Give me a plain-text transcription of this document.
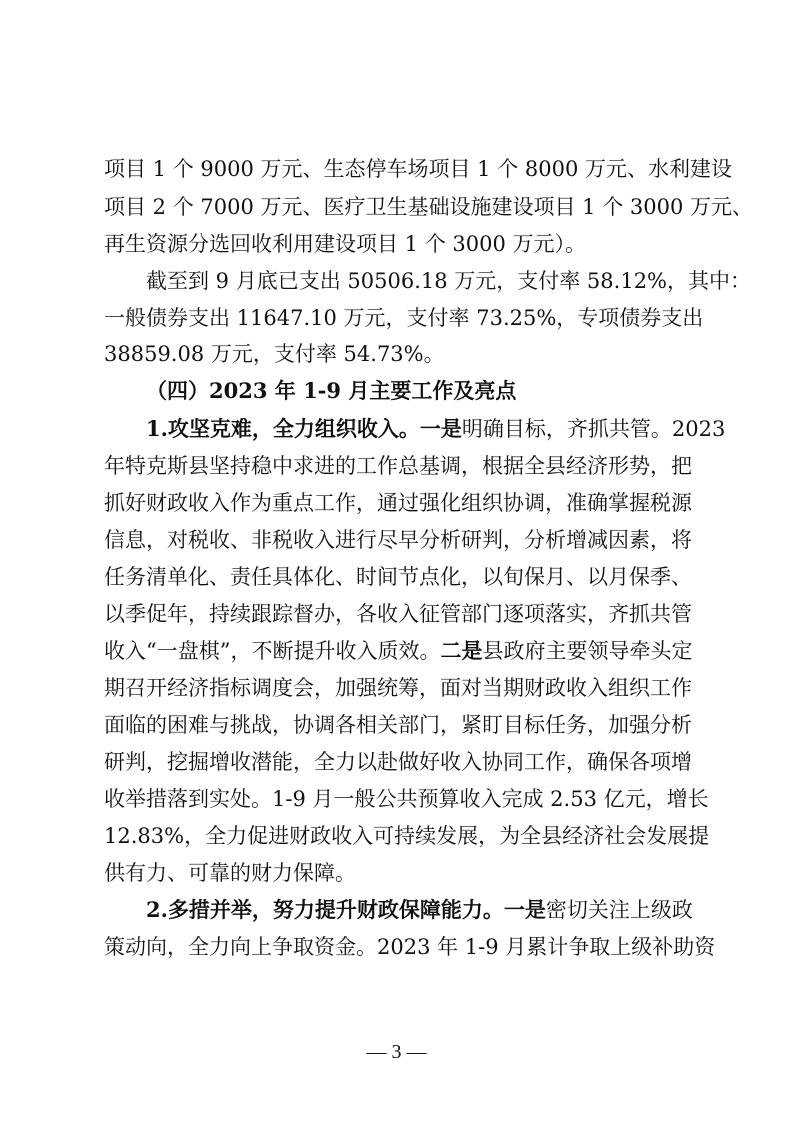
项目 1 个 9000 万元、生态停车场项目 1 个 8000 万元、水利建设
项目 2 个 7000 万元、医疗卫生基础设施建设项目 1 个 3000 万元、
再生资源分选回收利用建设项目 1 个 3000 万元）。
截至到 9 月底已支出 50506.18 万元，支付率 58.12%，其中：
一般债券支出 11647.10 万元，支付率 73.25%，专项债券支出
38859.08 万元，支付率 54.73%。
（四）2023 年 1-9 月主要工作及亮点
1.攻坚克难，全力组织收入。一是明确目标，齐抓共管。2023
年特克斯县坚持稳中求进的工作总基调，根据全县经济形势，把
抓好财政收入作为重点工作，通过强化组织协调，准确掌握税源
信息，对税收、非税收入进行尽早分析研判，分析增减因素，将
任务清单化、责任具体化、时间节点化，以旬保月、以月保季、
以季促年，持续跟踪督办，各收入征管部门逐项落实，齐抓共管
收入“一盘棋”，不断提升收入质效。二是县政府主要领导牵头定
期召开经济指标调度会，加强统筹，面对当期财政收入组织工作
面临的困难与挑战，协调各相关部门，紧盯目标任务，加强分析
研判，挖掘增收潜能，全力以赴做好收入协同工作，确保各项增
收举措落到实处。1-9 月一般公共预算收入完成 2.53 亿元，增长
12.83%，全力促进财政收入可持续发展，为全县经济社会发展提
供有力、可靠的财力保障。
2.多措并举，努力提升财政保障能力。一是密切关注上级政
策动向，全力向上争取资金。2023 年 1-9 月累计争取上级补助资
— 3 —
